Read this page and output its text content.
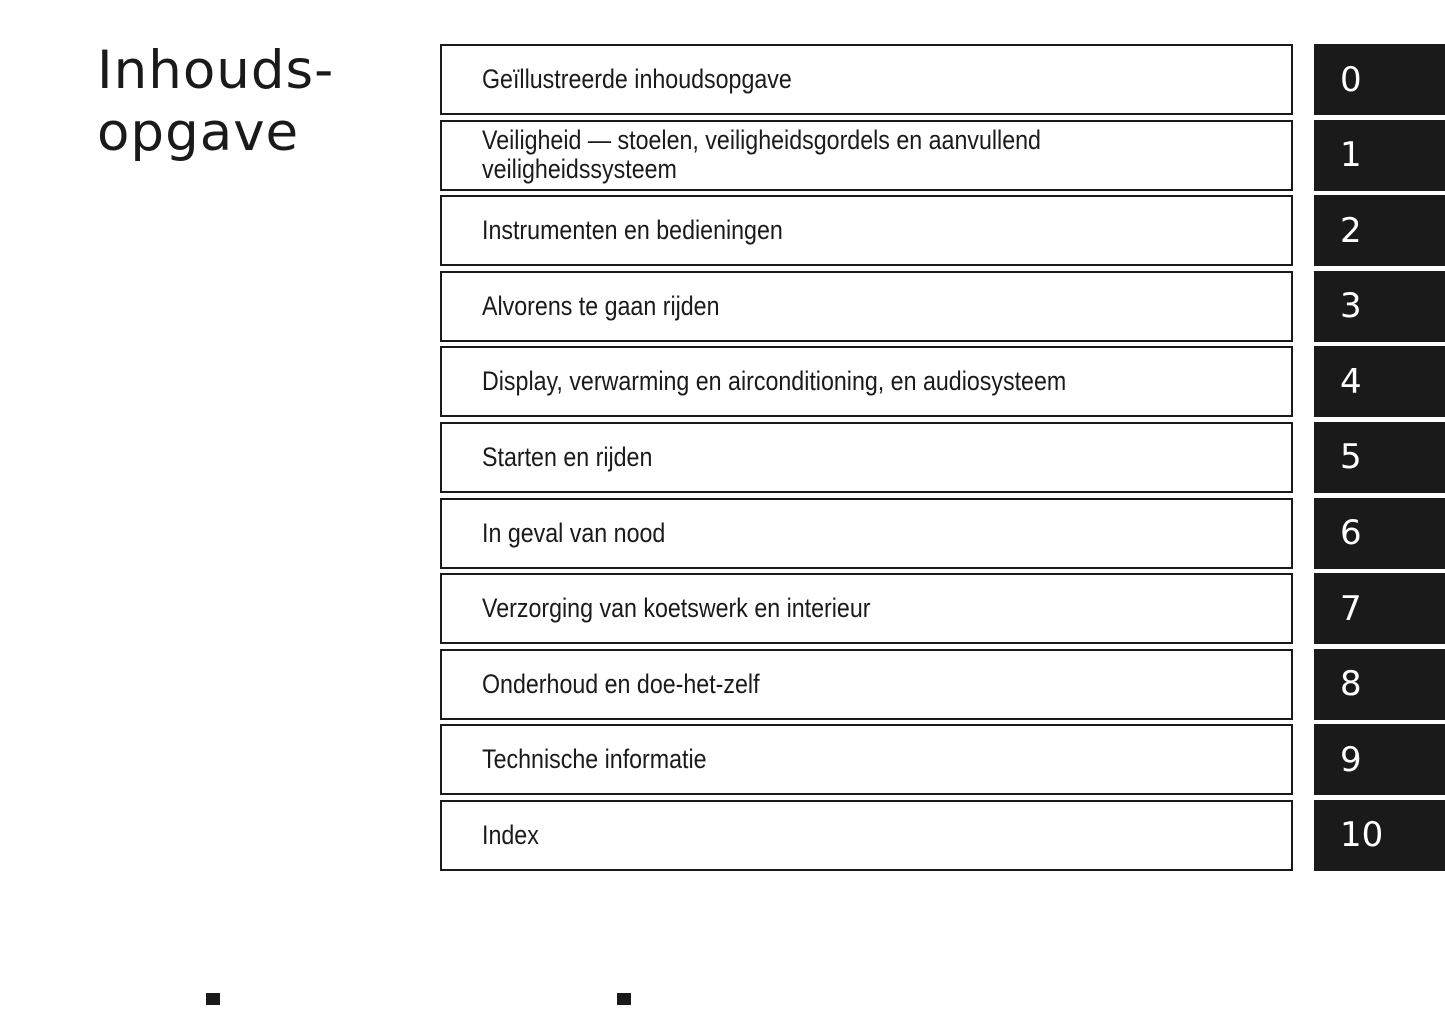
Inhouds-
opgave
Geïllustreerde inhoudsopgave	0
Veiligheid — stoelen, veiligheidsgordels en aanvullend veiligheidssysteem	1
Instrumenten en bedieningen	2
Alvorens te gaan rijden	3
Display, verwarming en airconditioning, en audiosysteem	4
Starten en rijden	5
In geval van nood	6
Verzorging van koetswerk en interieur	7
Onderhoud en doe-het-zelf	8
Technische informatie	9
Index	10
